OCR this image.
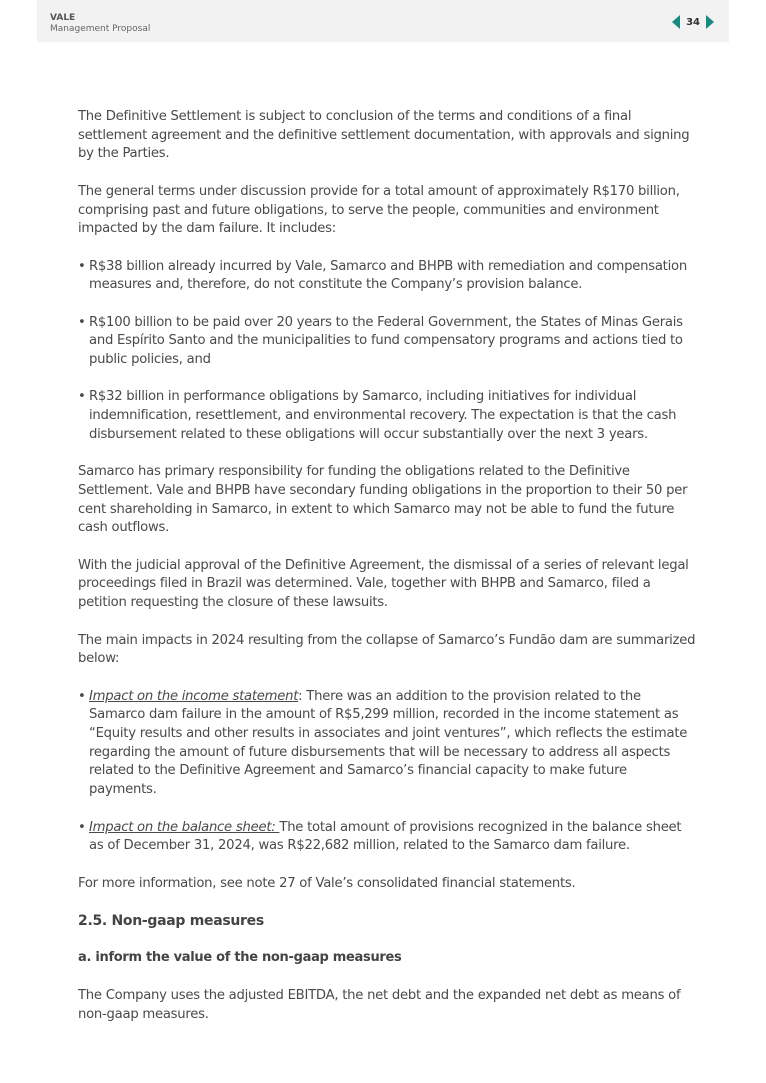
VALE
Management Proposal
34

The Definitive Settlement is subject to conclusion of the terms and conditions of a final settlement agreement and the definitive settlement documentation, with approvals and signing by the Parties.

The general terms under discussion provide for a total amount of approximately R$170 billion, comprising past and future obligations, to serve the people, communities and environment impacted by the dam failure. It includes:

• R$38 billion already incurred by Vale, Samarco and BHPB with remediation and compensation measures and, therefore, do not constitute the Company’s provision balance.
• R$100 billion to be paid over 20 years to the Federal Government, the States of Minas Gerais and Espírito Santo and the municipalities to fund compensatory programs and actions tied to public policies, and
• R$32 billion in performance obligations by Samarco, including initiatives for individual indemnification, resettlement, and environmental recovery. The expectation is that the cash disbursement related to these obligations will occur substantially over the next 3 years.

Samarco has primary responsibility for funding the obligations related to the Definitive Settlement. Vale and BHPB have secondary funding obligations in the proportion to their 50 per cent shareholding in Samarco, in extent to which Samarco may not be able to fund the future cash outflows.

With the judicial approval of the Definitive Agreement, the dismissal of a series of relevant legal proceedings filed in Brazil was determined. Vale, together with BHPB and Samarco, filed a petition requesting the closure of these lawsuits.

The main impacts in 2024 resulting from the collapse of Samarco’s Fundão dam are summarized below:

• Impact on the income statement: There was an addition to the provision related to the Samarco dam failure in the amount of R$5,299 million, recorded in the income statement as “Equity results and other results in associates and joint ventures”, which reflects the estimate regarding the amount of future disbursements that will be necessary to address all aspects related to the Definitive Agreement and Samarco’s financial capacity to make future payments.
• Impact on the balance sheet: The total amount of provisions recognized in the balance sheet as of December 31, 2024, was R$22,682 million, related to the Samarco dam failure.

For more information, see note 27 of Vale’s consolidated financial statements.

2.5. Non-gaap measures
a. inform the value of the non-gaap measures

The Company uses the adjusted EBITDA, the net debt and the expanded net debt as means of non-gaap measures.
